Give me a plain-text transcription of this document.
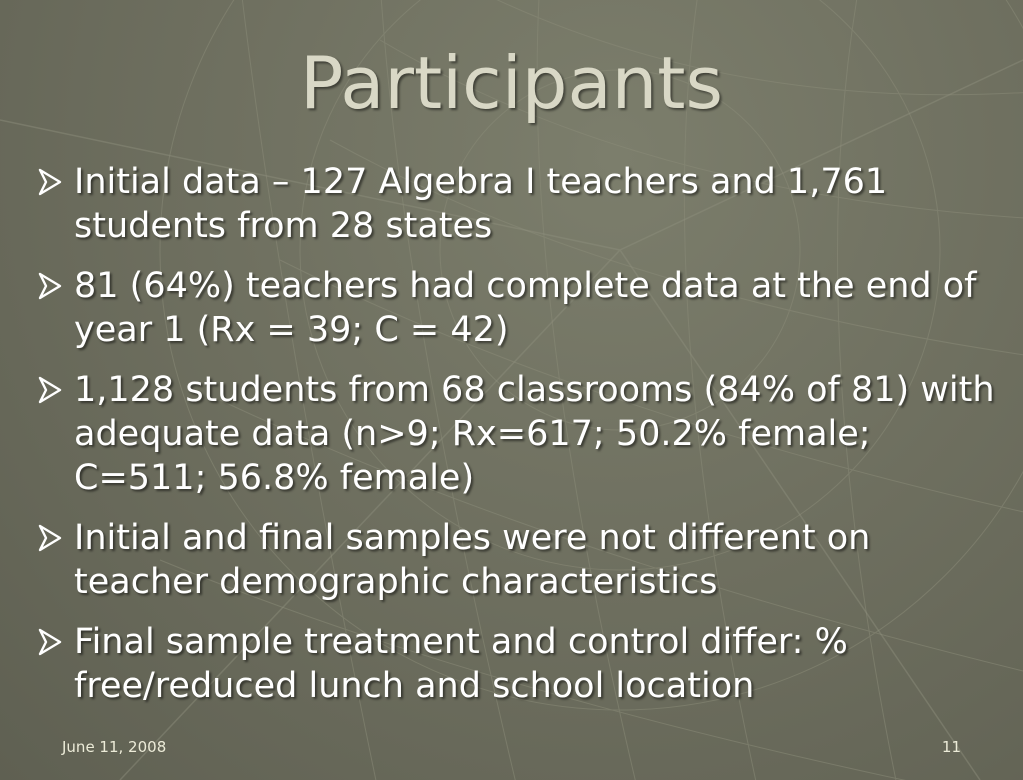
Participants
Initial data – 127 Algebra I teachers and 1,761 students from 28 states
81 (64%) teachers had complete data at the end of year 1 (Rx = 39; C = 42)
1,128 students from 68 classrooms (84% of 81) with adequate data (n>9; Rx=617; 50.2% female; C=511; 56.8% female)
Initial and final samples were not different on teacher demographic characteristics
Final sample treatment and control differ: % free/reduced lunch and school location
June 11, 2008	11
